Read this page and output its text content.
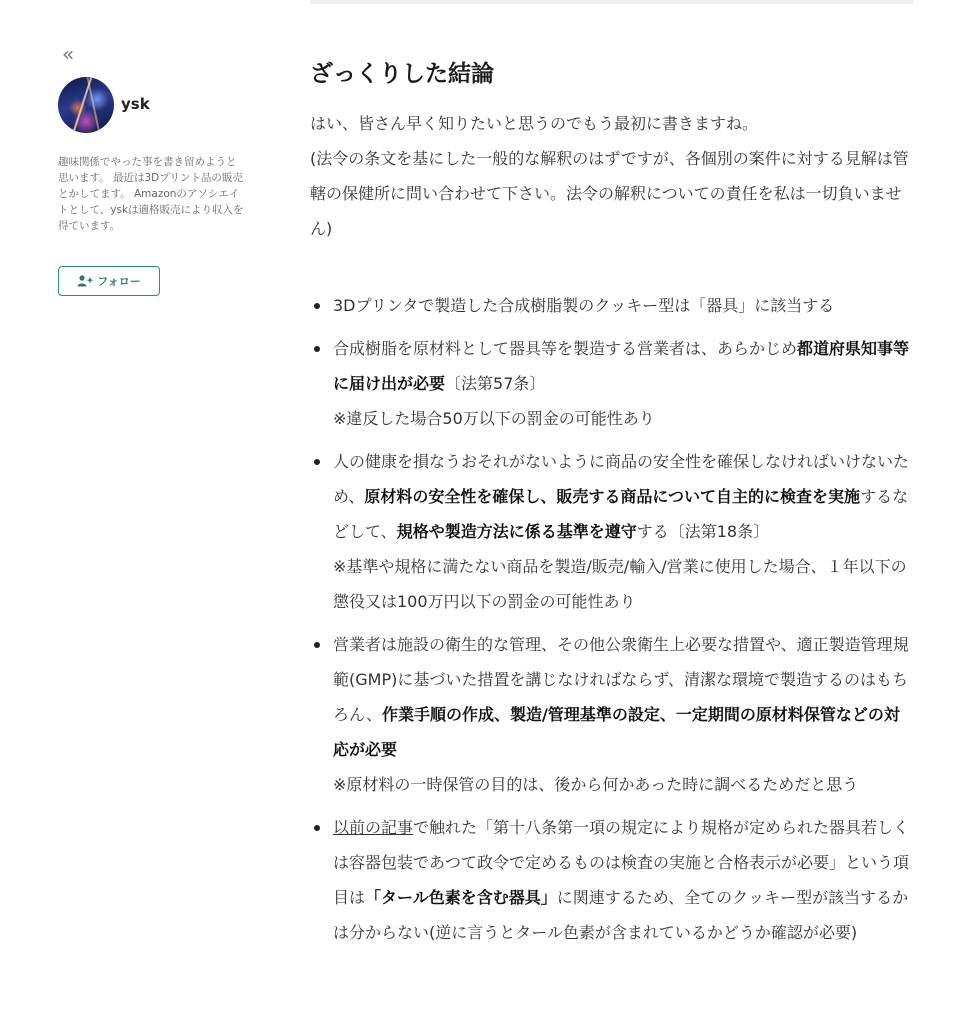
«
ysk

趣味関係でやった事を書き留めようと思います。 最近は3Dプリント品の販売とかしてます。 Amazonのアソシエイトとして、yskは適格販売により収入を得ています。

フォロー
ざっくりした結論

はい、皆さん早く知りたいと思うのでもう最初に書きますね。

(法令の条文を基にした一般的な解釈のはずですが、各個別の案件に対する見解は管轄の保健所に問い合わせて下さい。法令の解釈についての責任を私は一切負いません)

3Dプリンタで製造した合成樹脂製のクッキー型は「器具」に該当する
合成樹脂を原材料として器具等を製造する営業者は、あらかじめ都道府県知事等に届け出が必要〔法第57条〕
※違反した場合50万以下の罰金の可能性あり
人の健康を損なうおそれがないように商品の安全性を確保しなければいけないため、原材料の安全性を確保し、販売する商品について自主的に検査を実施するなどして、規格や製造方法に係る基準を遵守する〔法第18条〕
※基準や規格に満たない商品を製造/販売/輸入/営業に使用した場合、１年以下の懲役又は100万円以下の罰金の可能性あり
営業者は施設の衛生的な管理、その他公衆衛生上必要な措置や、適正製造管理規範(GMP)に基づいた措置を講じなければならず、清潔な環境で製造するのはもちろん、作業手順の作成、製造/管理基準の設定、一定期間の原材料保管などの対応が必要
※原材料の一時保管の目的は、後から何かあった時に調べるためだと思う
以前の記事で触れた「第十八条第一項の規定により規格が定められた器具若しくは容器包装であつて政令で定めるものは検査の実施と合格表示が必要」という項目は「タール色素を含む器具」に関連するため、全てのクッキー型が該当するかは分からない(逆に言うとタール色素が含まれているかどうか確認が必要)
